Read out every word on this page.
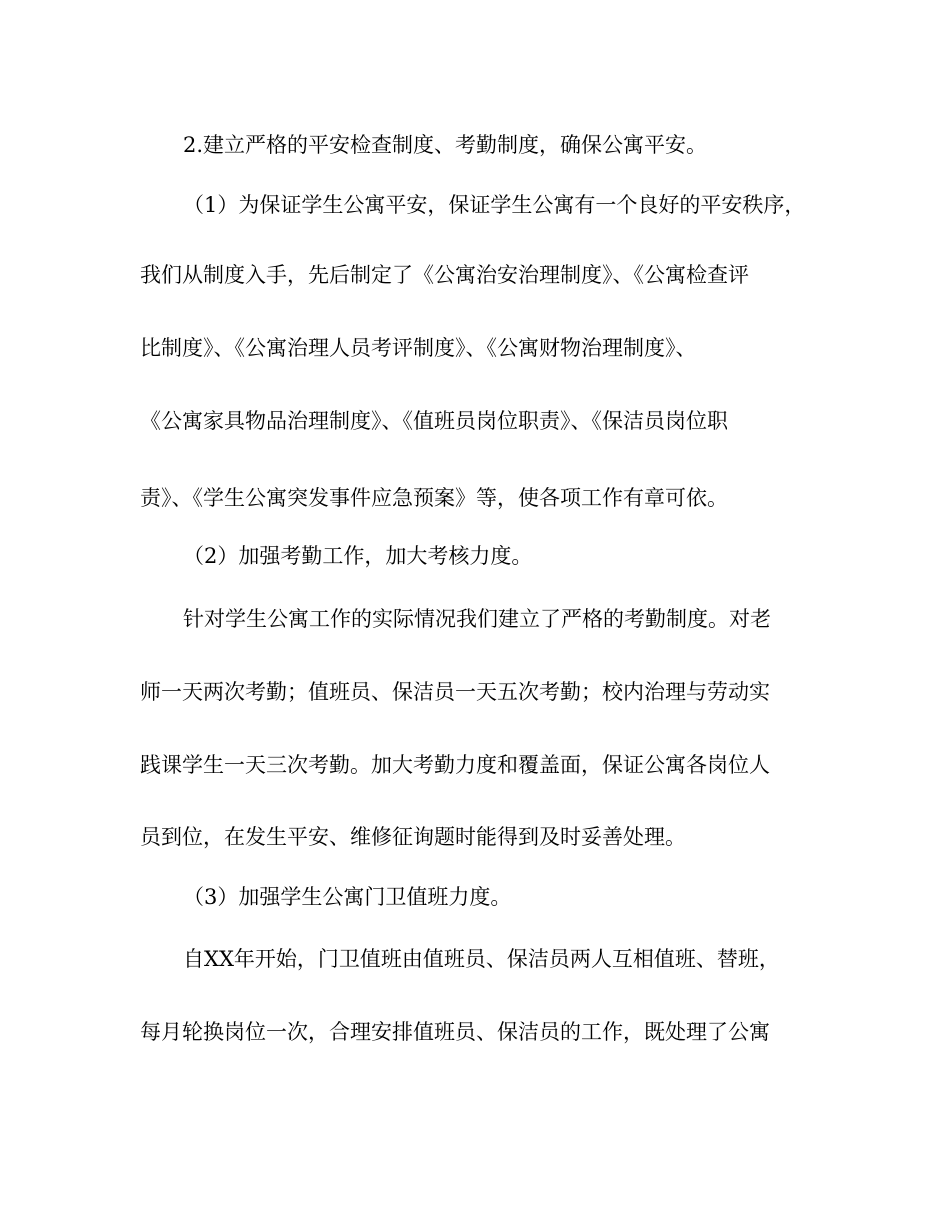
2.建立严格的平安检查制度、考勤制度，确保公寓平安。
（1）为保证学生公寓平安，保证学生公寓有一个良好的平安秩序，
我们从制度入手，先后制定了《公寓治安治理制度》、《公寓检查评
比制度》、《公寓治理人员考评制度》、《公寓财物治理制度》、
《公寓家具物品治理制度》、《值班员岗位职责》、《保洁员岗位职
责》、《学生公寓突发事件应急预案》等，使各项工作有章可依。
（2）加强考勤工作，加大考核力度。
针对学生公寓工作的实际情况我们建立了严格的考勤制度。对老
师一天两次考勤；值班员、保洁员一天五次考勤；校内治理与劳动实
践课学生一天三次考勤。加大考勤力度和覆盖面，保证公寓各岗位人
员到位，在发生平安、维修征询题时能得到及时妥善处理。
（3）加强学生公寓门卫值班力度。
自XX年开始，门卫值班由值班员、保洁员两人互相值班、替班，
每月轮换岗位一次，合理安排值班员、保洁员的工作，既处理了公寓
